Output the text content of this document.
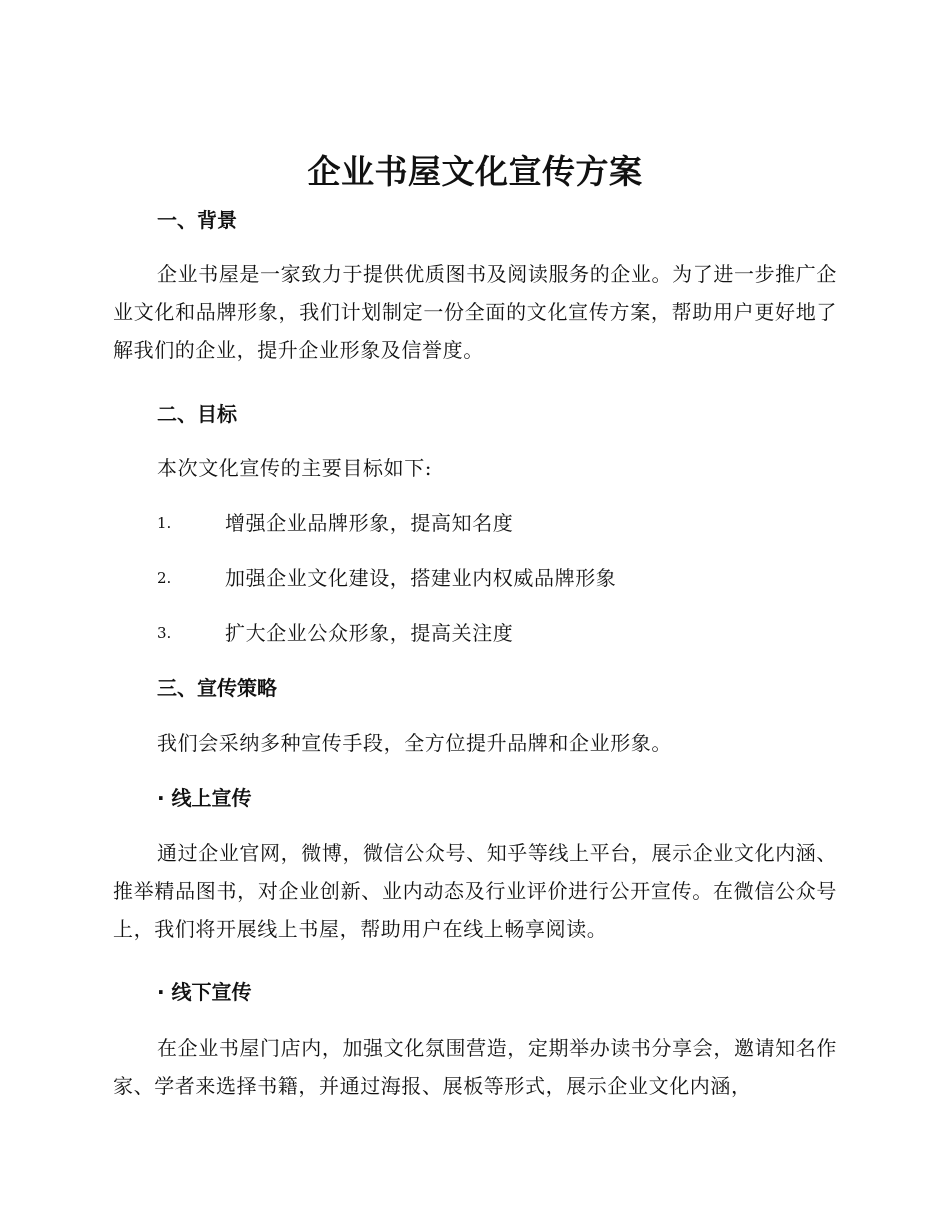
企业书屋文化宣传方案
一、背景

企业书屋是一家致力于提供优质图书及阅读服务的企业。为了进一步推广企业文化和品牌形象，我们计划制定一份全面的文化宣传方案，帮助用户更好地了解我们的企业，提升企业形象及信誉度。

二、目标

本次文化宣传的主要目标如下:

1.	增强企业品牌形象，提高知名度
2.	加强企业文化建设，搭建业内权威品牌形象
3.	扩大企业公众形象，提高关注度
三、宣传策略

我们会采纳多种宣传手段，全方位提升品牌和企业形象。

· 线上宣传

通过企业官网，微博，微信公众号、知乎等线上平台，展示企业文化内涵、推举精品图书，对企业创新、业内动态及行业评价进行公开宣传。在微信公众号上，我们将开展线上书屋，帮助用户在线上畅享阅读。

· 线下宣传

在企业书屋门店内，加强文化氛围营造，定期举办读书分享会，邀请知名作家、学者来选择书籍，并通过海报、展板等形式，展示企业文化内涵，
